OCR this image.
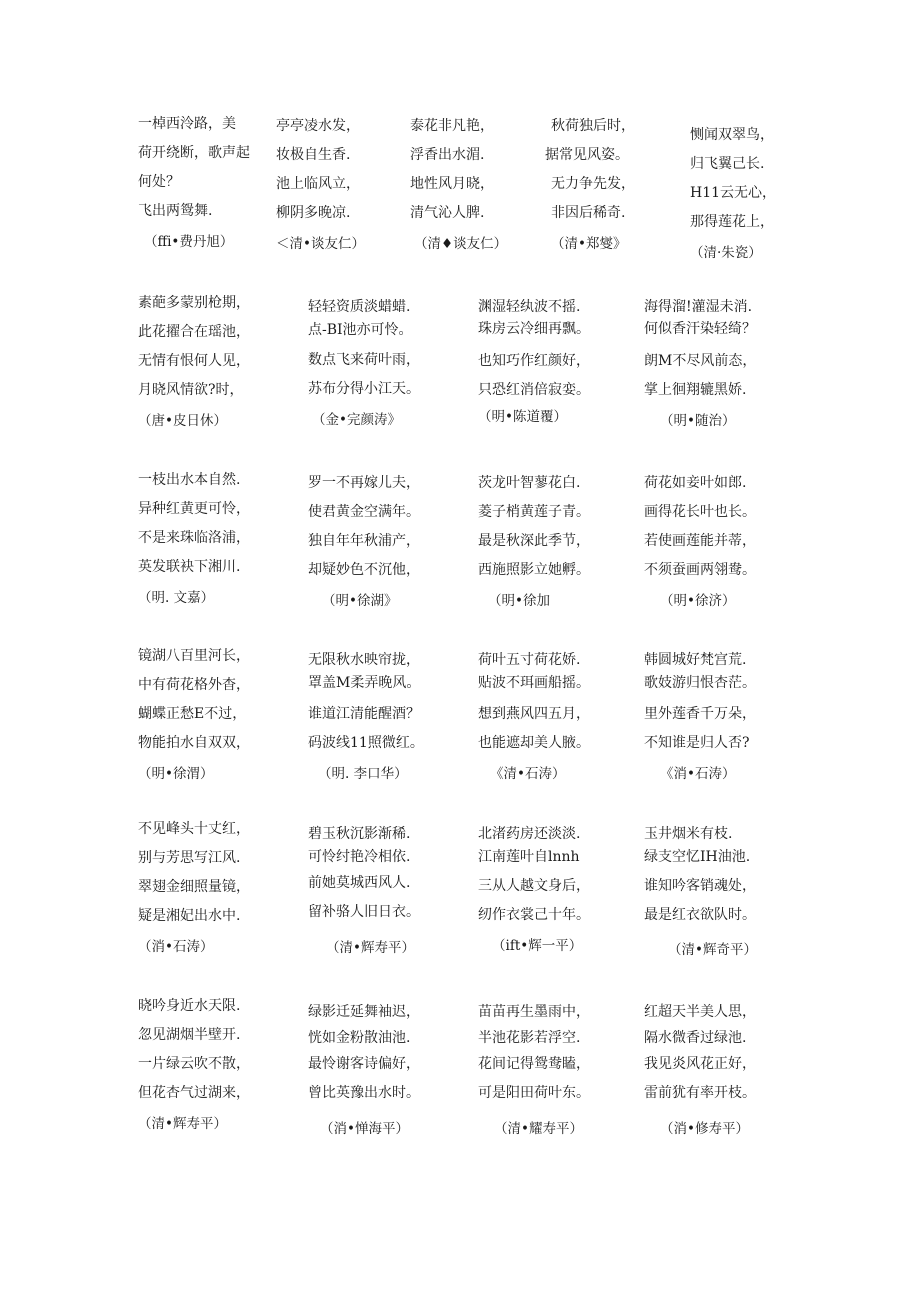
一棹西泠路，美
荷开绕断，歌声起
何处？
飞出两鸳舞.
（ffi•费丹旭）
亭亭凌水发，
妆极自生香.
池上临风立，
柳阴多晚凉.
＜清•谈友仁）
泰花非凡艳，
浮香出水湄.
地性风月晓，
清气沁人脾.
（清♦谈友仁）
秋荷独后时，
据常见风姿。
无力争先发，
非因后稀奇.
（清•郑燮》
恻闻双翠鸟，
归飞翼己长.
H11云无心，
那得莲花上，
（清·朱瓷）
素葩多蒙别枪期，
此花擢合在瑶池，
无情有恨何人见，
月晓风情欲?时，
（唐•皮日休）
轻轻资质淡蜡蜡.
点-BI池亦可怜。
数点飞来荷叶雨，
苏布分得小江天。
（金•完颜涛》
渊湿轻纨波不摇.
珠房云冷细再飘。
也知巧作红颜好，
只恐红消倍寂娈。
（明•陈道覆）
海得溜!灌湿未消.
何似香汗染轻绮？
朗M不尽风前态，
掌上徊翔辘黑娇.
（明•随治）
一枝出水本自然.
异种红黄更可怜，
不是来珠临洛浦，
英发联袂下湘川.
（明. 文嘉）
罗一不再嫁儿夫，
使君黄金空满年。
独自年年秋浦产，
却疑妙色不沉他，
（明•徐湖》
茨龙叶智蓼花白.
菱子梢黄莲子青。
最是秋深此季节，
西施照影立她孵。
（明•徐加
荷花如妾叶如郎.
画得花长叶也长。
若使画莲能并蒂，
不须蚕画两翎鸯。
（明•徐济）
镜湖八百里河长，
中有荷花格外杳，
蝴蝶正愁E不过，
物能拍水自双双，
（明•徐渭）
无限秋水映帘拢，
罩盖M柔弄晚风。
谁道江清能醒酒？
码波线11照微红。
（明. 李口华）
荷叶五寸荷花娇.
贴波不珥画船摇。
想到燕风四五月，
也能遮却美人腋。
《清•石涛）
韩圆城好梵宫荒.
歌妓游归恨杏茫。
里外莲香千万朵，
不知谁是归人否?
《消•石涛）
不见峰头十丈红，
别与芳思写江风.
翠翅金细照量镜，
疑是湘妃出水中.
（消•石涛）
碧玉秋沉影渐稀.
可怜纣艳冷相依.
前她莫城西风人.
留补骆人旧日衣。
（清•辉寿平）
北渚药房还淡淡.
江南莲叶自lnnh
三从人越文身后，
纫作衣裳己十年。
（ift•辉一平）
玉井烟米有枝.
绿支空忆IH油池.
谁知吟客销魂处，
最是红衣欲队时。
（清•辉奇平）
晓吟身近水天限.
忽见湖烟半壁开.
一片绿云吹不散，
但花杏气过湖来，
（清•辉寿平）
绿影迁延舞袖迟，
恍如金粉散油池.
最怜谢客诗偏好，
曾比英豫出水时。
（消•惮海平）
苗苗再生墨雨中，
半池花影若浮空.
花间记得鸳鸯瞌，
可是阳田荷叶东。
（清•耀寿平）
红超天半美人思，
隔水微香过绿池.
我见炎风花正好，
雷前犹有率开枝。
（消•修寿平）
